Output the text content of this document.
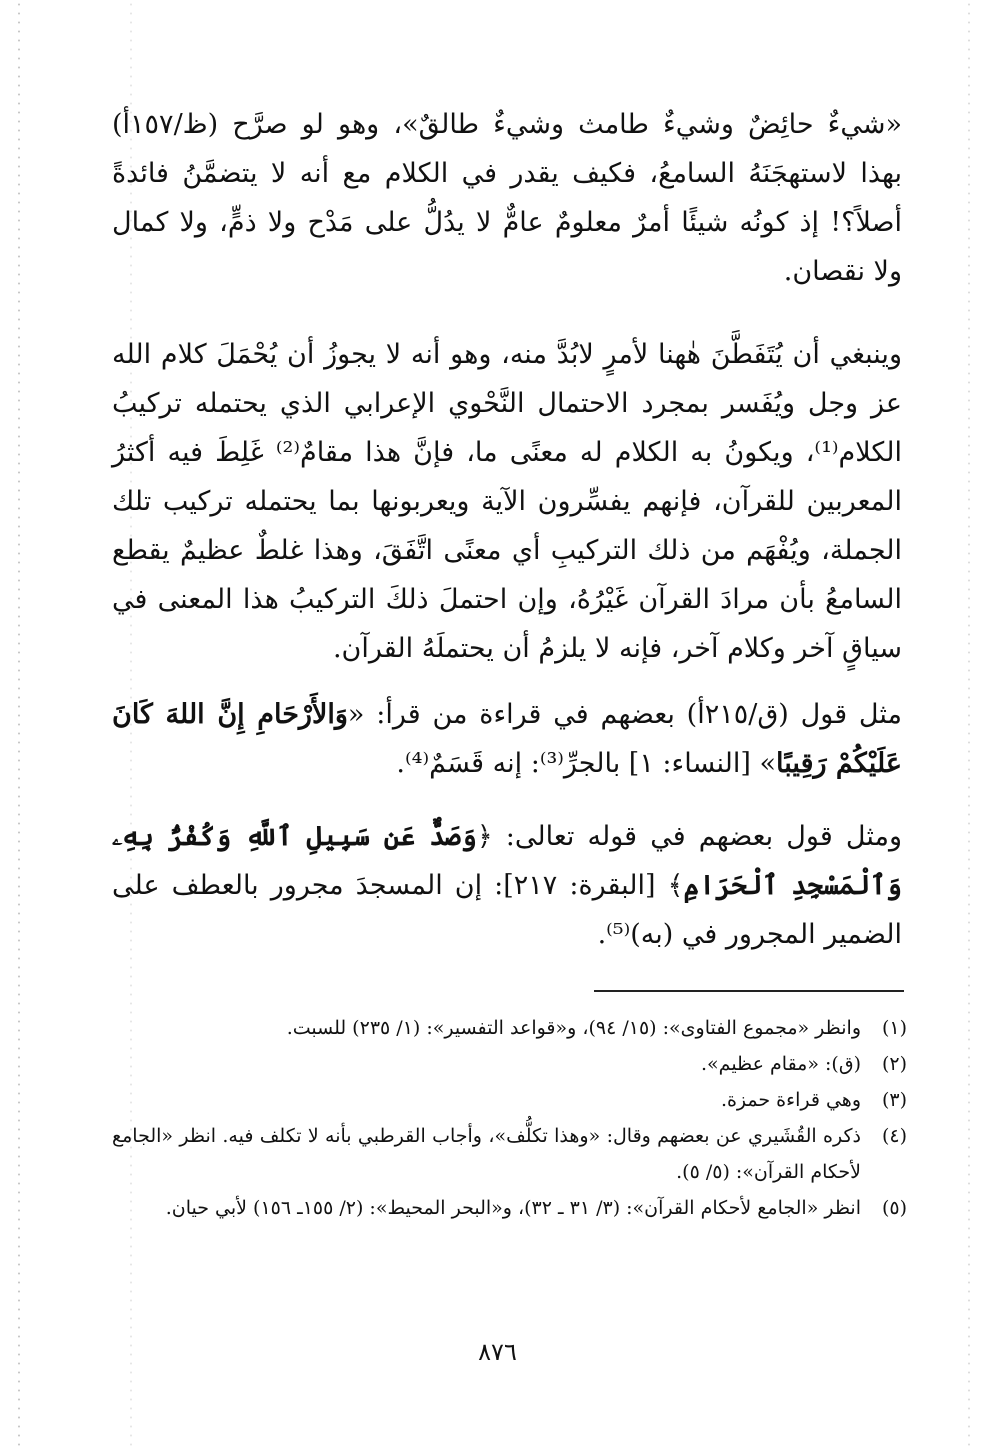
«شيءٌ حائِضٌ وشيءٌ طامث وشيءٌ طالقٌ»، وهو لو صرَّح (ظ/١٥٧أ) بهذا لاستهجَنَهُ السامعُ، فكيف يقدر في الكلام مع أنه لا يتضمَّنُ فائدةً أصلاً؟! إذ كونُه شيئًا أمرٌ معلومٌ عامٌّ لا يدُلُّ على مَدْح ولا ذمٍّ، ولا كمال ولا نقصان.

وينبغي أن يُتَفَطَّنَ هٰهنا لأمرٍ لابُدَّ منه، وهو أنه لا يجوزُ أن يُحْمَلَ كلام الله عز وجل ويُفَسر بمجرد الاحتمال النَّحْوي الإعرابي الذي يحتمله تركيبُ الكلام⁽¹⁾، ويكونُ به الكلام له معنًى ما، فإنَّ هذا مقامٌ⁽²⁾ غَلِطَ فيه أكثرُ المعربين للقرآن، فإنهم يفسِّرون الآية ويعربونها بما يحتمله تركيب تلك الجملة، ويُفْهَم من ذلك التركيبِ أي معنًى اتَّفَقَ، وهذا غلطٌ عظيمٌ يقطع السامعُ بأن مرادَ القرآن غَيْرُهُ، وإن احتملَ ذلكَ التركيبُ هذا المعنى في سياقٍ آخر وكلام آخر، فإنه لا يلزمُ أن يحتملَهُ القرآن.

مثل قول (ق/٢١٥أ) بعضهم في قراءة من قرأ: «وَالأَرْحَامِ إِنَّ اللهَ كَانَ عَلَيْكُمْ رَقِيبًا» [النساء: ١] بالجرِّ⁽³⁾: إنه قَسَمٌ⁽⁴⁾.

ومثل قول بعضهم في قوله تعالى: ﴿وَصَدٌّ عَن سَبِيلِ ٱللَّهِ وَكُفْرٌۢ بِهِۦ وَٱلْمَسْجِدِ ٱلْحَرَامِ﴾ [البقرة: ٢١٧]: إن المسجدَ مجرور بالعطف على الضمير المجرور في (به)⁽⁵⁾.

(١)
وانظر «مجموع الفتاوى»: (١٥/ ٩٤)، و«قواعد التفسير»: (١/ ٢٣٥) للسبت.
(٢)
(ق): «مقام عظيم».
(٣)
وهي قراءة حمزة.
(٤)
ذكره القُشَيري عن بعضهم وقال: «وهذا تكلُّف»، وأجاب القرطبي بأنه لا تكلف فيه. انظر «الجامع لأحكام القرآن»: (٥/ ٥).
(٥)
انظر «الجامع لأحكام القرآن»: (٣/ ٣١ ـ ٣٢)، و«البحر المحيط»: (٢/ ١٥٥ـ ١٥٦) لأبي حيان.
٨٧٦
